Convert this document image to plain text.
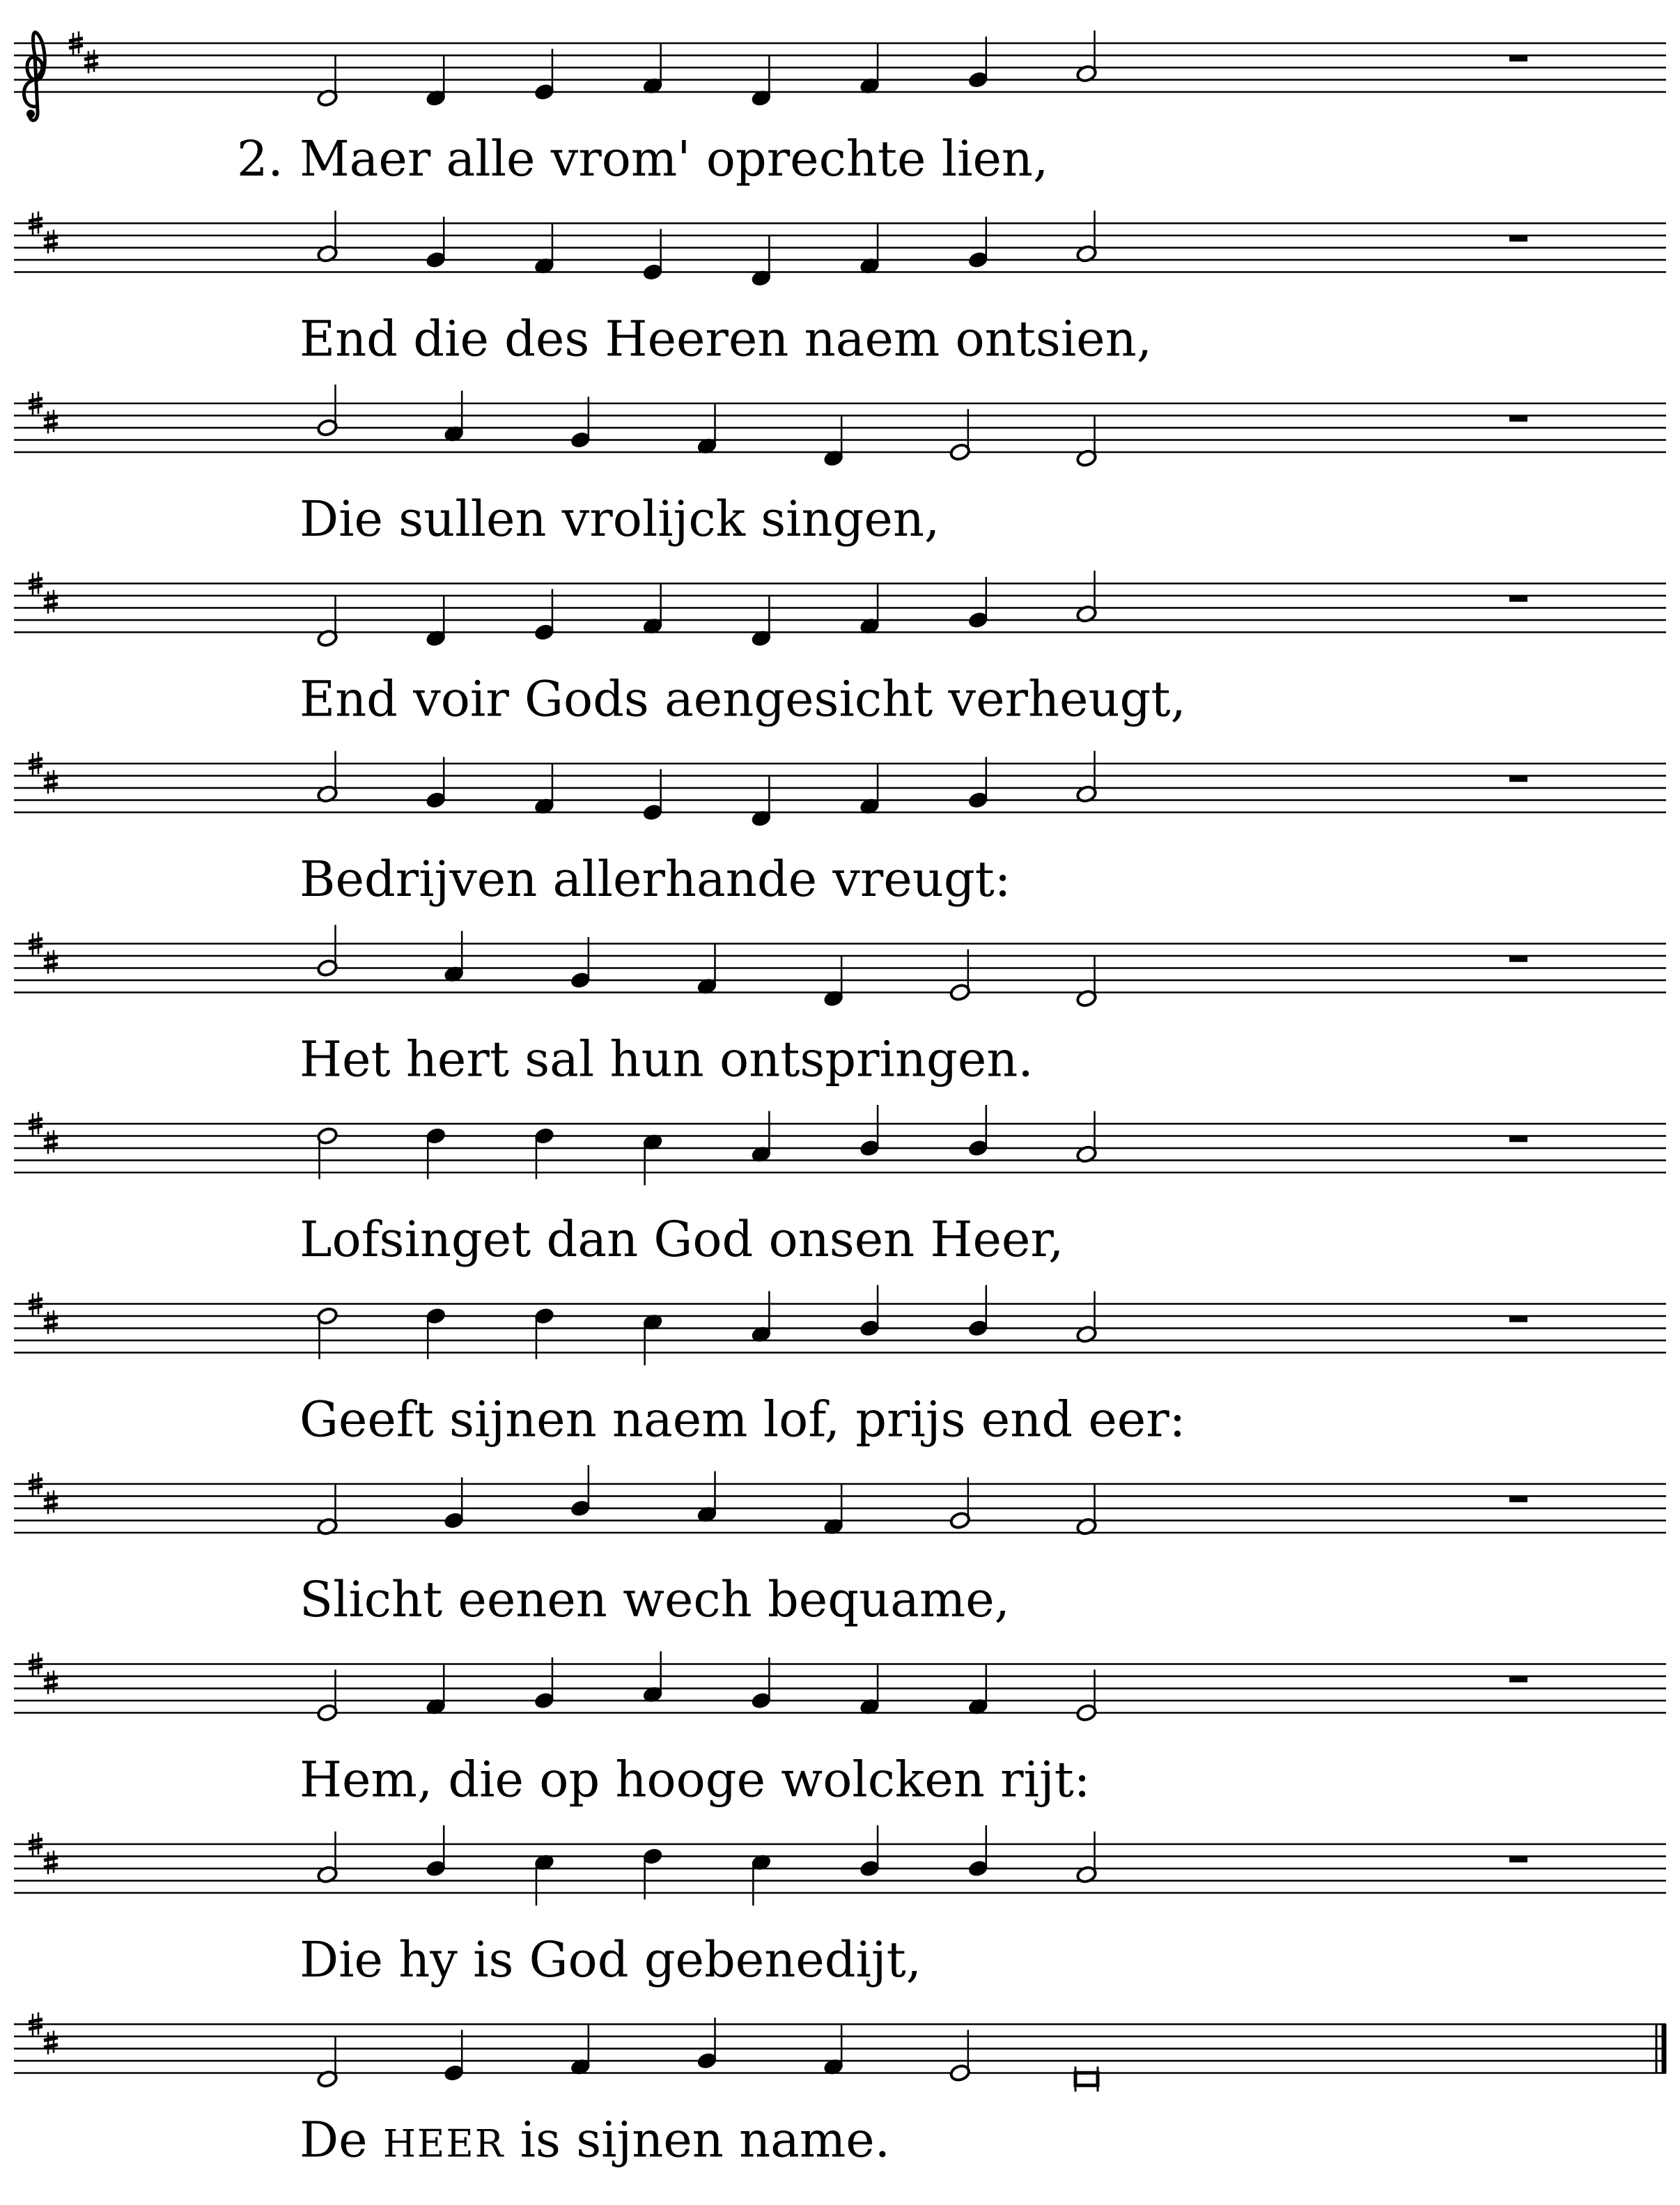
2. Maer alle vrom' oprechte lien,
End die des Heeren naem ontsien,
Die sullen vrolijck singen,
End voir Gods aengesicht verheugt,
Bedrijven allerhande vreugt:
Het hert sal hun ontspringen.
Lofsinget dan God onsen Heer,
Geeft sijnen naem lof, prijs end eer:
Slicht eenen wech bequame,
Hem, die op hooge wolcken rijt:
Die hy is God gebenedijt,
De HEER is sijnen name.
